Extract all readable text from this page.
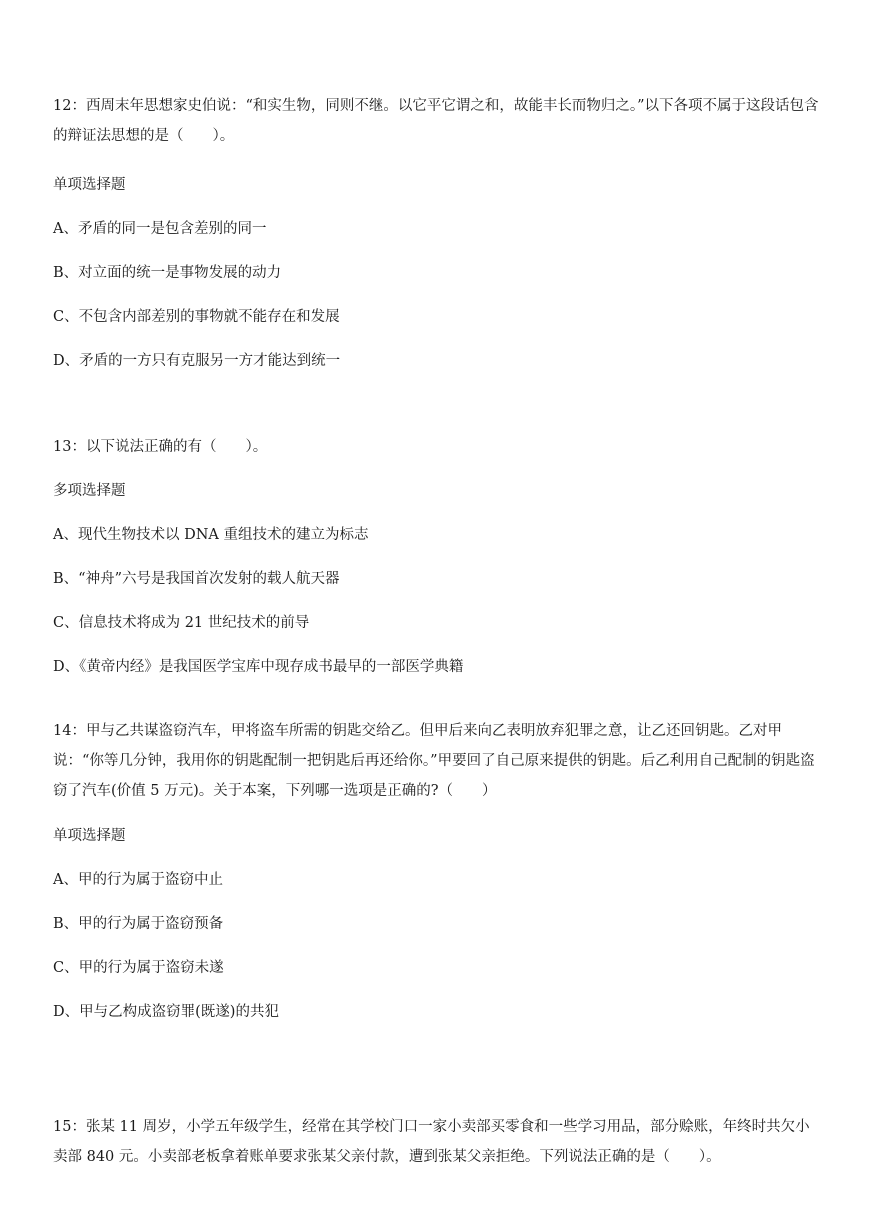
12：西周末年思想家史伯说：“和实生物，同则不继。以它平它谓之和，故能丰长而物归之。”以下各项不属于这段话包含的辩证法思想的是（　　）。

单项选择题

A、矛盾的同一是包含差别的同一

B、对立面的统一是事物发展的动力

C、不包含内部差别的事物就不能存在和发展

D、矛盾的一方只有克服另一方才能达到统一

13：以下说法正确的有（　　）。

多项选择题

A、现代生物技术以 DNA 重组技术的建立为标志

B、“神舟”六号是我国首次发射的载人航天器

C、信息技术将成为 21 世纪技术的前导

D、《黄帝内经》是我国医学宝库中现存成书最早的一部医学典籍

14：甲与乙共谋盗窃汽车，甲将盗车所需的钥匙交给乙。但甲后来向乙表明放弃犯罪之意，让乙还回钥匙。乙对甲说：“你等几分钟，我用你的钥匙配制一把钥匙后再还给你。”甲要回了自己原来提供的钥匙。后乙利用自己配制的钥匙盗窃了汽车(价值 5 万元)。关于本案，下列哪一选项是正确的?（　　）

单项选择题

A、甲的行为属于盗窃中止

B、甲的行为属于盗窃预备

C、甲的行为属于盗窃未遂

D、甲与乙构成盗窃罪(既遂)的共犯

15：张某 11 周岁，小学五年级学生，经常在其学校门口一家小卖部买零食和一些学习用品，部分赊账，年终时共欠小卖部 840 元。小卖部老板拿着账单要求张某父亲付款，遭到张某父亲拒绝。下列说法正确的是（　　）。
